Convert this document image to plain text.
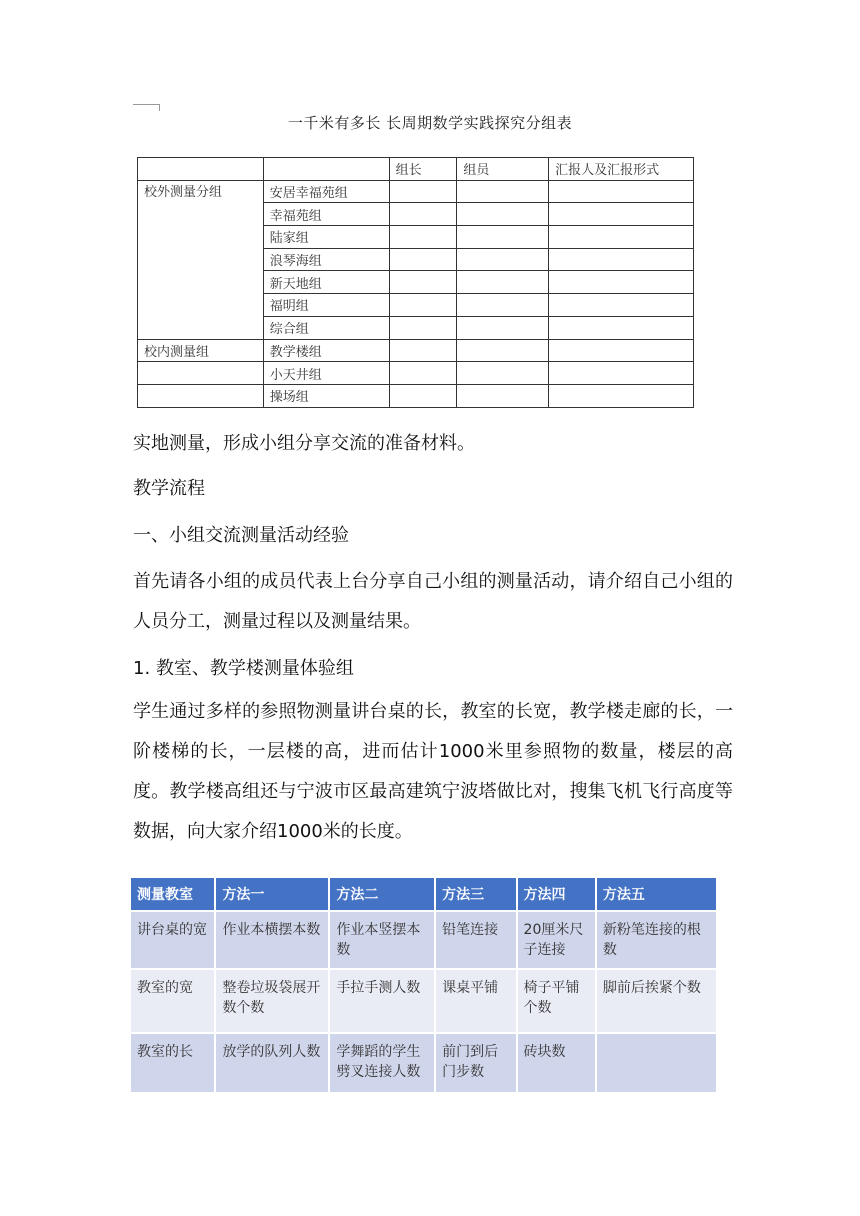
一千米有多长 长周期数学实践探究分组表
		组长	组员	汇报人及汇报形式
校外测量分组	安居幸福苑组			
	幸福苑组			
	陆家组			
	浪琴海组			
	新天地组			
	福明组			
	综合组			
校内测量组	教学楼组			
	小天井组			
	操场组			
实地测量，形成小组分享交流的准备材料。
教学流程
一、小组交流测量活动经验
首先请各小组的成员代表上台分享自己小组的测量活动，请介绍自己小组的人员分工，测量过程以及测量结果。
1. 教室、教学楼测量体验组
学生通过多样的参照物测量讲台桌的长，教室的长宽，教学楼走廊的长，一阶楼梯的长，一层楼的高，进而估计1000米里参照物的数量，楼层的高度。教学楼高组还与宁波市区最高建筑宁波塔做比对，搜集飞机飞行高度等数据，向大家介绍1000米的长度。
测量教室	方法一	方法二	方法三	方法四	方法五
讲台桌的宽	作业本横摆本数	作业本竖摆本数	铅笔连接	20厘米尺子连接	新粉笔连接的根数
教室的宽	整卷垃圾袋展开数个数	手拉手测人数	课桌平铺	椅子平铺个数	脚前后挨紧个数
教室的长	放学的队列人数	学舞蹈的学生劈叉连接人数	前门到后门步数	砖块数	
